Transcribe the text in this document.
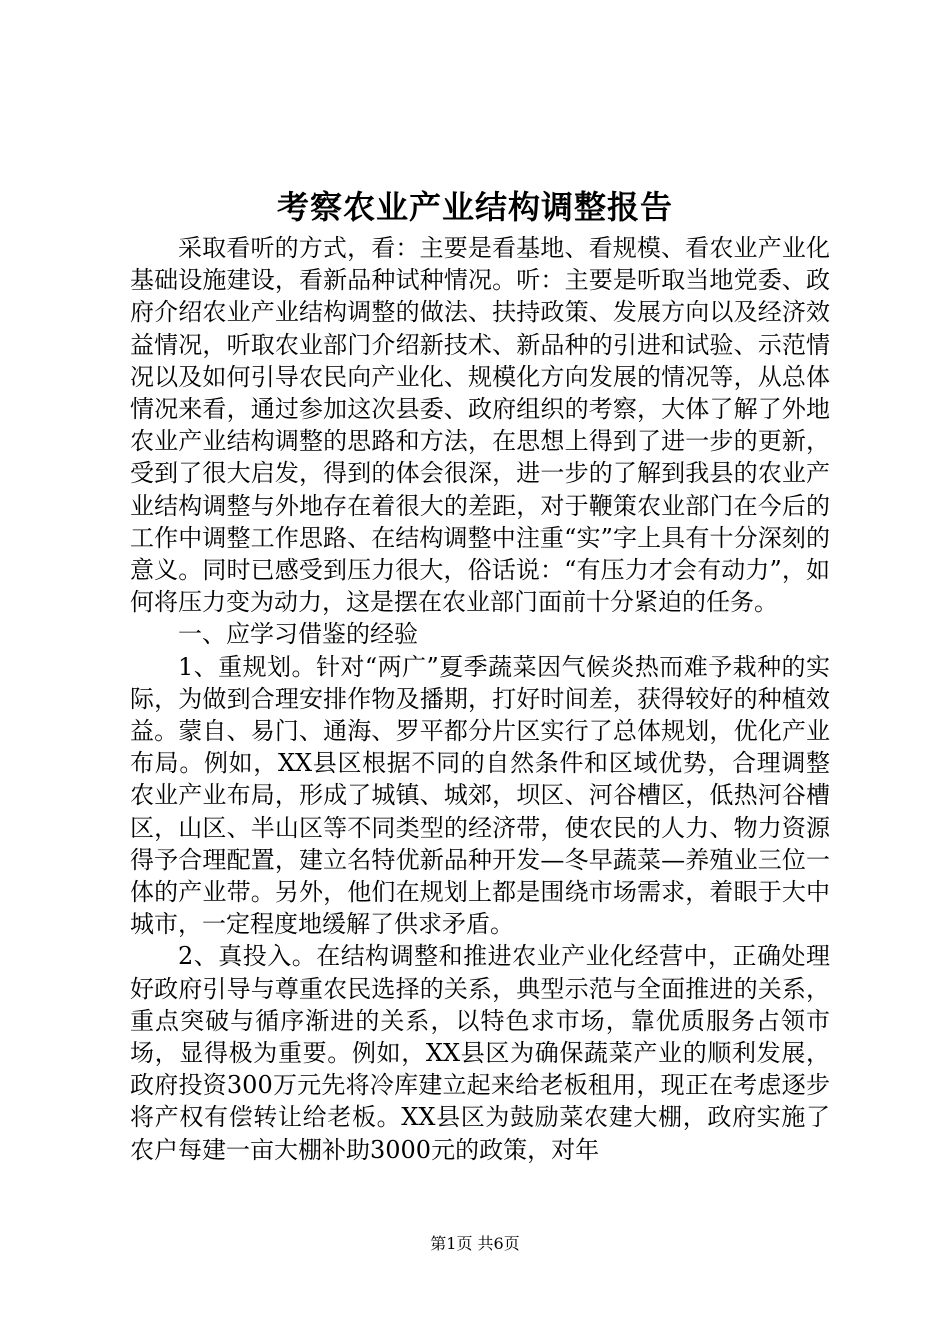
考察农业产业结构调整报告

采取看听的方式，看：主要是看基地、看规模、看农业产业化基础设施建设，看新品种试种情况。听：主要是听取当地党委、政府介绍农业产业结构调整的做法、扶持政策、发展方向以及经济效益情况，听取农业部门介绍新技术、新品种的引进和试验、示范情况以及如何引导农民向产业化、规模化方向发展的情况等，从总体情况来看，通过参加这次县委、政府组织的考察，大体了解了外地农业产业结构调整的思路和方法，在思想上得到了进一步的更新，受到了很大启发，得到的体会很深，进一步的了解到我县的农业产业结构调整与外地存在着很大的差距，对于鞭策农业部门在今后的工作中调整工作思路、在结构调整中注重“实”字上具有十分深刻的意义。同时已感受到压力很大，俗话说：“有压力才会有动力”，如何将压力变为动力，这是摆在农业部门面前十分紧迫的任务。

一、应学习借鉴的经验

1、重规划。针对“两广”夏季蔬菜因气候炎热而难予栽种的实际，为做到合理安排作物及播期，打好时间差，获得较好的种植效益。蒙自、易门、通海、罗平都分片区实行了总体规划，优化产业布局。例如，XX县区根据不同的自然条件和区域优势，合理调整农业产业布局，形成了城镇、城郊，坝区、河谷槽区，低热河谷槽区，山区、半山区等不同类型的经济带，使农民的人力、物力资源得予合理配置，建立名特优新品种开发—冬早蔬菜—养殖业三位一体的产业带。另外，他们在规划上都是围绕市场需求，着眼于大中城市，一定程度地缓解了供求矛盾。

2、真投入。在结构调整和推进农业产业化经营中，正确处理好政府引导与尊重农民选择的关系，典型示范与全面推进的关系，重点突破与循序渐进的关系，以特色求市场，靠优质服务占领市场，显得极为重要。例如，XX县区为确保蔬菜产业的顺利发展，政府投资300万元先将冷库建立起来给老板租用，现正在考虑逐步将产权有偿转让给老板。XX县区为鼓励菜农建大棚，政府实施了农户每建一亩大棚补助3000元的政策，对年

第1页 共6页
